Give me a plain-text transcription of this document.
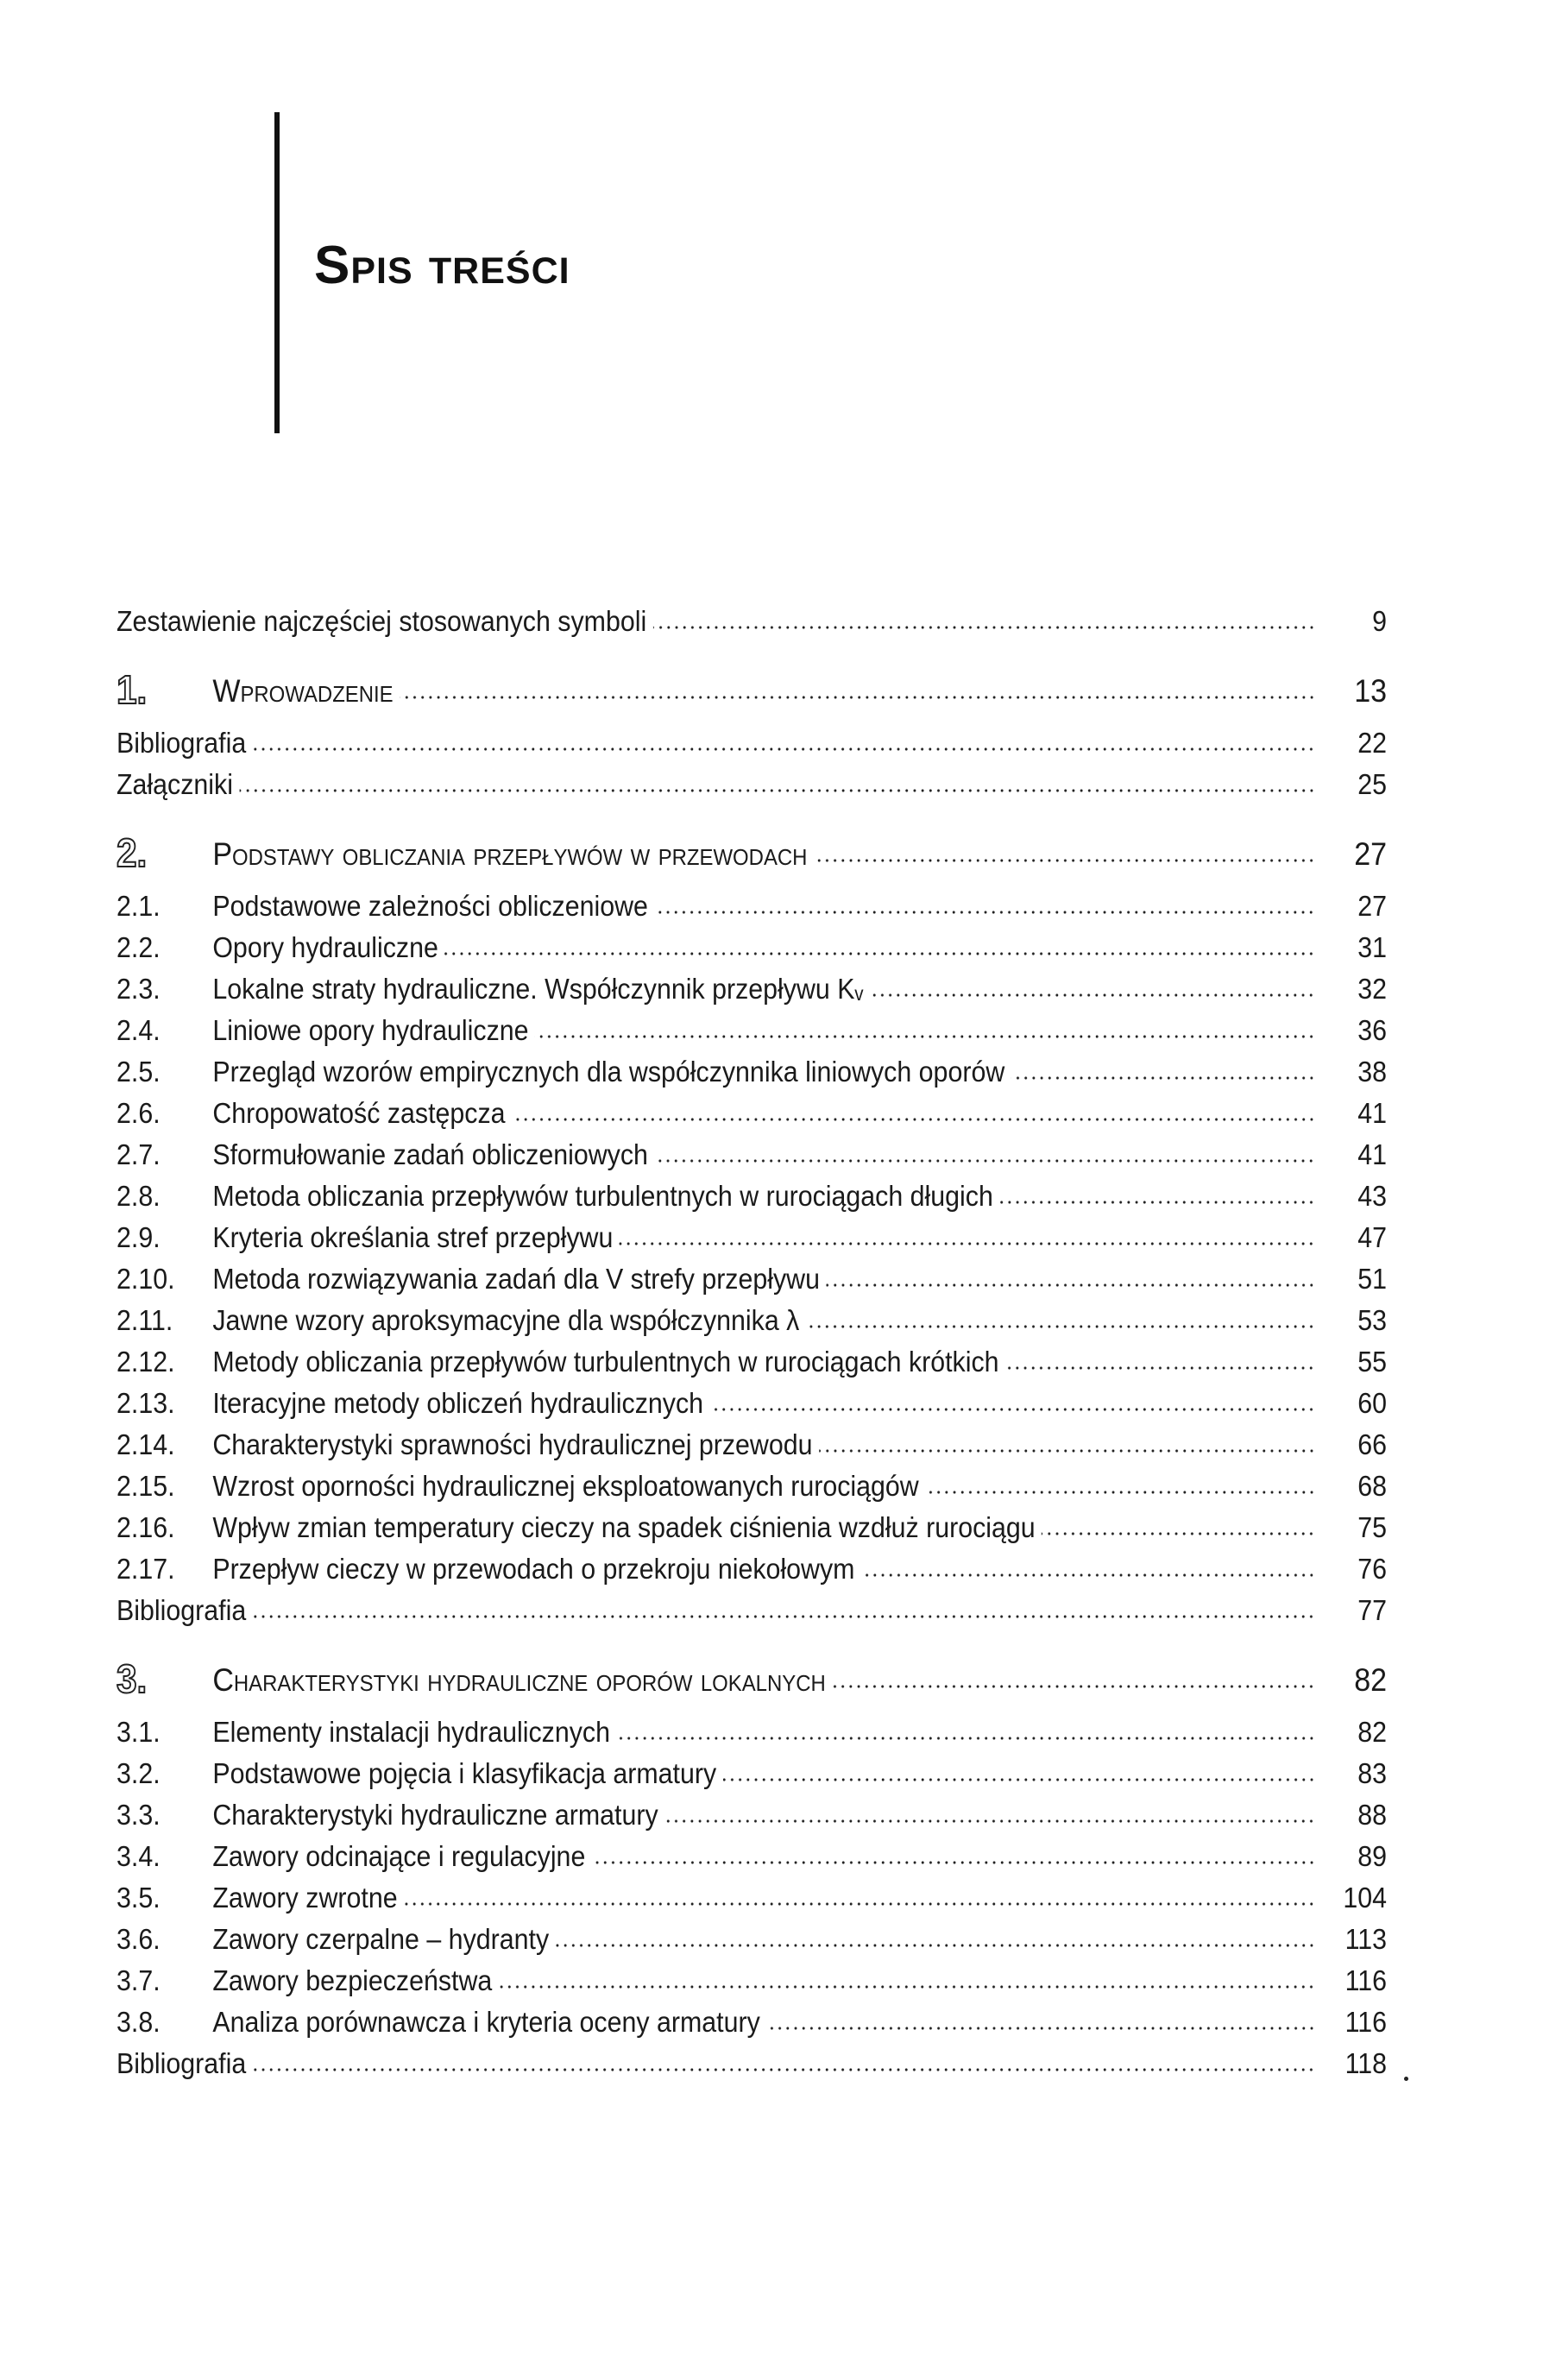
Spis treści
Zestawienie najczęściej stosowanych symboli	9
1.	Wprowadzenie	13
Bibliografia	22
Załączniki	25
2.	Podstawy obliczania przepływów w przewodach	27
2.1.	Podstawowe zależności obliczeniowe	27
2.2.	Opory hydrauliczne	31
2.3.	Lokalne straty hydrauliczne. Współczynnik przepływu Kᵥ	32
2.4.	Liniowe opory hydrauliczne	36
2.5.	Przegląd wzorów empirycznych dla współczynnika liniowych oporów	38
2.6.	Chropowatość zastępcza	41
2.7.	Sformułowanie zadań obliczeniowych	41
2.8.	Metoda obliczania przepływów turbulentnych w rurociągach długich	43
2.9.	Kryteria określania stref przepływu	47
2.10.	Metoda rozwiązywania zadań dla V strefy przepływu	51
2.11.	Jawne wzory aproksymacyjne dla współczynnika λ	53
2.12.	Metody obliczania przepływów turbulentnych w rurociągach krótkich	55
2.13.	Iteracyjne metody obliczeń hydraulicznych	60
2.14.	Charakterystyki sprawności hydraulicznej przewodu	66
2.15.	Wzrost oporności hydraulicznej eksploatowanych rurociągów	68
2.16.	Wpływ zmian temperatury cieczy na spadek ciśnienia wzdłuż rurociągu	75
2.17.	Przepływ cieczy w przewodach o przekroju niekołowym	76
Bibliografia	77
3.	Charakterystyki hydrauliczne oporów lokalnych	82
3.1.	Elementy instalacji hydraulicznych	82
3.2.	Podstawowe pojęcia i klasyfikacja armatury	83
3.3.	Charakterystyki hydrauliczne armatury	88
3.4.	Zawory odcinające i regulacyjne	89
3.5.	Zawory zwrotne	104
3.6.	Zawory czerpalne – hydranty	113
3.7.	Zawory bezpieczeństwa	116
3.8.	Analiza porównawcza i kryteria oceny armatury	116
Bibliografia	118
